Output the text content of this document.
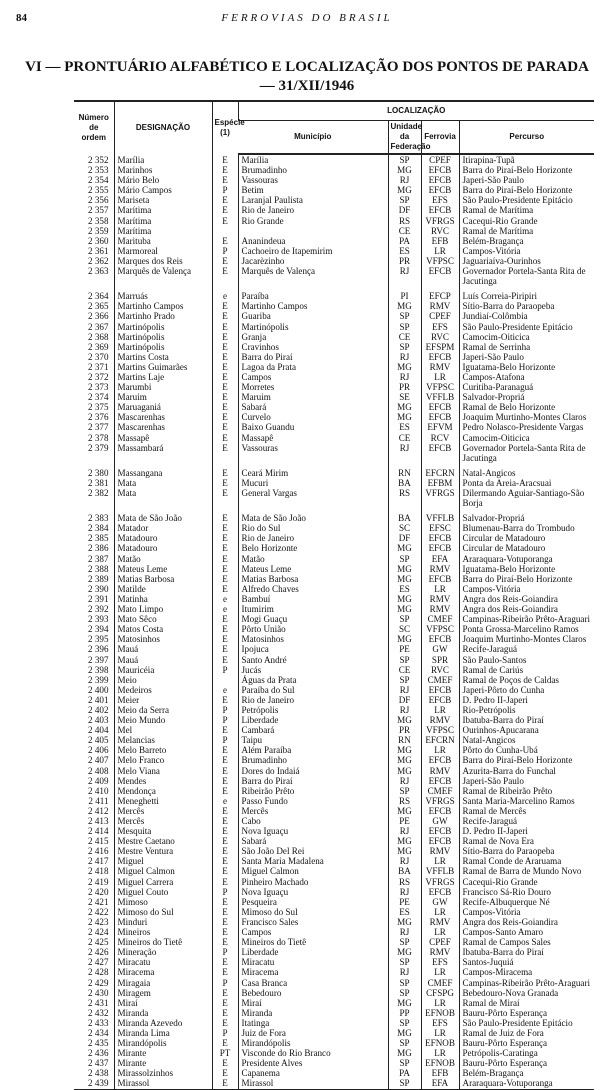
84	FERROVIAS DO BRASIL
VI — PRONTUÁRIO ALFABÉTICO E LOCALIZAÇÃO DOS PONTOS DE PARADA
— 31/XII/1946
Número de ordem	DESIGNAÇÃO	Espécie (1)	LOCALIZAÇÃO			
			Município	Unidade da Federação	Ferrovia	Percurso
2 352	Marília	E	Marília	SP	CPEF	Itirapina-Tupã
2 353	Marinhos	E	Brumadinho	MG	EFCB	Barra do Piraí-Belo Horizonte
2 354	Mário Belo	E	Vassouras	RJ	EFCB	Japeri-São Paulo
2 355	Mário Campos	P	Betim	MG	EFCB	Barra do Piraí-Belo Horizonte
2 356	Mariseta	E	Laranjal Paulista	SP	EFS	São Paulo-Presidente Epitácio
2 357	Marítima	E	Rio de Janeiro	DF	EFCB	Ramal de Marítima
2 358	Marítima	E	Rio Grande	RS	VFRGS	Cacequi-Rio Grande
2 359	Marítima			CE	RVC	Ramal de Marítima
2 360	Marituba	E	Ananindeua	PA	EFB	Belém-Bragança
2 361	Marmoreal	P	Cachoeiro de Itapemirim	ES	LR	Campos-Vitória
2 362	Marques dos Reis	E	Jacarèzinho	PR	VFPSC	Jaguariaíva-Ourinhos
2 363	Marquês de Valença	E	Marquês de Valença	RJ	EFCB	Governador Portela-Santa Rita de
						Jacutinga

2 364	Marruás	e	Paraíba	PI	EFCP	Luís Correia-Piripiri
2 365	Martinho Campos	E	Martinho Campos	MG	RMV	Sítio-Barra do Paraopeba
2 366	Martinho Prado	E	Guariba	SP	CPEF	Jundiaí-Colômbia
2 367	Martinópolis	E	Martinópolis	SP	EFS	São Paulo-Presidente Epitácio
2 368	Martinópolis	E	Granja	CE	RVC	Camocim-Oiticica
2 369	Martinópolis	E	Cravinhos	SP	EFSPM	Ramal de Serrinha
2 370	Martins Costa	E	Barra do Piraí	RJ	EFCB	Japeri-São Paulo
2 371	Martins Guimarães	E	Lagoa da Prata	MG	RMV	Iguatama-Belo Horizonte
2 372	Martins Laje	E	Campos	RJ	LR	Campos-Atafona
2 373	Marumbi	E	Morretes	PR	VFPSC	Curitiba-Paranaguá
2 374	Maruim	E	Maruim	SE	VFFLB	Salvador-Propriá
2 375	Maruaganiá	E	Sabará	MG	EFCB	Ramal de Belo Horizonte
2 376	Mascarenhas	E	Curvelo	MG	EFCB	Joaquim Murtinho-Montes Claros
2 377	Mascarenhas	E	Baixo Guandu	ES	EFVM	Pedro Nolasco-Presidente Vargas
2 378	Massapê	E	Massapê	CE	RCV	Camocim-Oiticica
2 379	Massambará	E	Vassouras	RJ	EFCB	Governador Portela-Santa Rita de
						Jacutinga

2 380	Massangana	E	Ceará Mirim	RN	EFCRN	Natal-Angicos
2 381	Mata	E	Mucuri	BA	EFBM	Ponta da Areia-Aracsuai
2 382	Mata	E	General Vargas	RS	VFRGS	Dilermando Aguiar-Santiago-São
						Borja

2 383	Mata de São João	E	Mata de São João	BA	VFFLB	Salvador-Propriá
2 384	Matador	E	Rio do Sul	SC	EFSC	Blumenau-Barra do Trombudo
2 385	Matadouro	E	Rio de Janeiro	DF	EFCB	Circular de Matadouro
2 386	Matadouro	E	Belo Horizonte	MG	EFCB	Circular de Matadouro
2 387	Matão	E	Matão	SP	EFA	Araraquara-Votuporanga
2 388	Mateus Leme	E	Mateus Leme	MG	RMV	Iguatama-Belo Horizonte
2 389	Matias Barbosa	E	Matias Barbosa	MG	EFCB	Barra do Piraí-Belo Horizonte
2 390	Matilde	E	Alfredo Chaves	ES	LR	Campos-Vitória
2 391	Matinha	e	Bambuí	MG	RMV	Angra dos Reis-Goiandira
2 392	Mato Limpo	e	Itumirim	MG	RMV	Angra dos Reis-Goiandira
2 393	Mato Sêco	E	Mogi Guaçu	SP	CMEF	Campinas-Ribeirão Prêto-Araguari
2 394	Matos Costa	E	Pôrto União	SC	VFPSC	Ponta Grossa-Marcelino Ramos
2 395	Matosinhos	E	Matosinhos	MG	EFCB	Joaquim Murtinho-Montes Claros
2 396	Mauá	E	Ipojuca	PE	GW	Recife-Jaraguá
2 397	Mauá	E	Santo André	SP	SPR	São Paulo-Santos
2 398	Mauricéia	P	Jucás	CE	RVC	Ramal de Cariús
2 399	Meio		Águas da Prata	SP	CMEF	Ramal de Poços de Caldas
2 400	Medeiros	e	Paraíba do Sul	RJ	EFCB	Japeri-Pôrto do Cunha
2 401	Meier	E	Rio de Janeiro	DF	EFCB	D. Pedro II-Japeri
2 402	Meio da Serra	P	Petrópolis	RJ	LR	Rio-Petrópolis
2 403	Meio Mundo	P	Liberdade	MG	RMV	Ibatuba-Barra do Piraí
2 404	Mel	E	Cambará	PR	VFPSC	Ourinhos-Apucarana
2 405	Melancias	P	Taipu	RN	EFCRN	Natal-Angicos
2 406	Melo Barreto	E	Além Paraíba	MG	LR	Pôrto do Cunha-Ubá
2 407	Melo Franco	E	Brumadinho	MG	EFCB	Barra do Piraí-Belo Horizonte
2 408	Melo Viana	E	Dores do Indaiá	MG	RMV	Azurita-Barra do Funchal
2 409	Mendes	E	Barra do Piraí	RJ	EFCB	Japeri-São Paulo
2 410	Mendonça	E	Ribeirão Prêto	SP	CMEF	Ramal de Ribeirão Prêto
2 411	Meneghetti	e	Passo Fundo	RS	VFRGS	Santa Maria-Marcelino Ramos
2 412	Mercês	E	Mercês	MG	EFCB	Ramal de Mercês
2 413	Mercês	E	Cabo	PE	GW	Recife-Jaraguá
2 414	Mesquita	E	Nova Iguaçu	RJ	EFCB	D. Pedro II-Japeri
2 415	Mestre Caetano	E	Sabará	MG	EFCB	Ramal de Nova Era
2 416	Mestre Ventura	E	São João Del Rei	MG	RMV	Sítio-Barra do Paraopeba
2 417	Miguel	E	Santa Maria Madalena	RJ	LR	Ramal Conde de Araruama
2 418	Miguel Calmon	E	Miguel Calmon	BA	VFFLB	Ramal de Barra de Mundo Novo
2 419	Miguel Carrera	E	Pinheiro Machado	RS	VFRGS	Cacequi-Rio Grande
2 420	Miguel Couto	P	Nova Iguaçu	RJ	EFCB	Francisco Sá-Rio Douro
2 421	Mimoso	E	Pesqueira	PE	GW	Recife-Albuquerque Né
2 422	Mimoso do Sul	E	Mimoso do Sul	ES	LR	Campos-Vitória
2 423	Minduri	E	Francisco Sales	MG	RMV	Angra dos Reis-Goiandira
2 424	Mineiros	E	Campos	RJ	LR	Campos-Santo Amaro
2 425	Mineiros do Tietê	E	Mineiros do Tietê	SP	CPEF	Ramal de Campos Sales
2 426	Mineração	P	Liberdade	MG	RMV	Ibatuba-Barra do Piraí
2 427	Miracatu	E	Miracatu	SP	EFS	Santos-Juquiá
2 428	Miracema	E	Miracema	RJ	LR	Campos-Miracema
2 429	Miragaia	P	Casa Branca	SP	CMEF	Campinas-Ribeirão Prêto-Araguari
2 430	Miragem	E	Bebedouro	SP	CFSPG	Bebedouro-Nova Granada
2 431	Miraí	E	Miraí	MG	LR	Ramal de Miraí
2 432	Miranda	E	Miranda	PP	EFNOB	Bauru-Pôrto Esperança
2 433	Miranda Azevedo	E	Itatinga	SP	EFS	São Paulo-Presidente Epitácio
2 434	Miranda Lima	P	Juiz de Fora	MG	LR	Ramal de Juiz de Fora
2 435	Mirandópolis	E	Mirandópolis	SP	EFNOB	Bauru-Pôrto Esperança
2 436	Mirante	PT	Visconde do Rio Branco	MG	LR	Petrópolis-Caratinga
2 437	Mirante	E	Presidente Alves	SP	EFNOB	Bauru-Pôrto Esperança
2 438	Mirassolzinhos	E	Capanema	PA	EFB	Belém-Bragança
2 439	Mirassol	E	Mirassol	SP	EFA	Araraquara-Votuporanga
